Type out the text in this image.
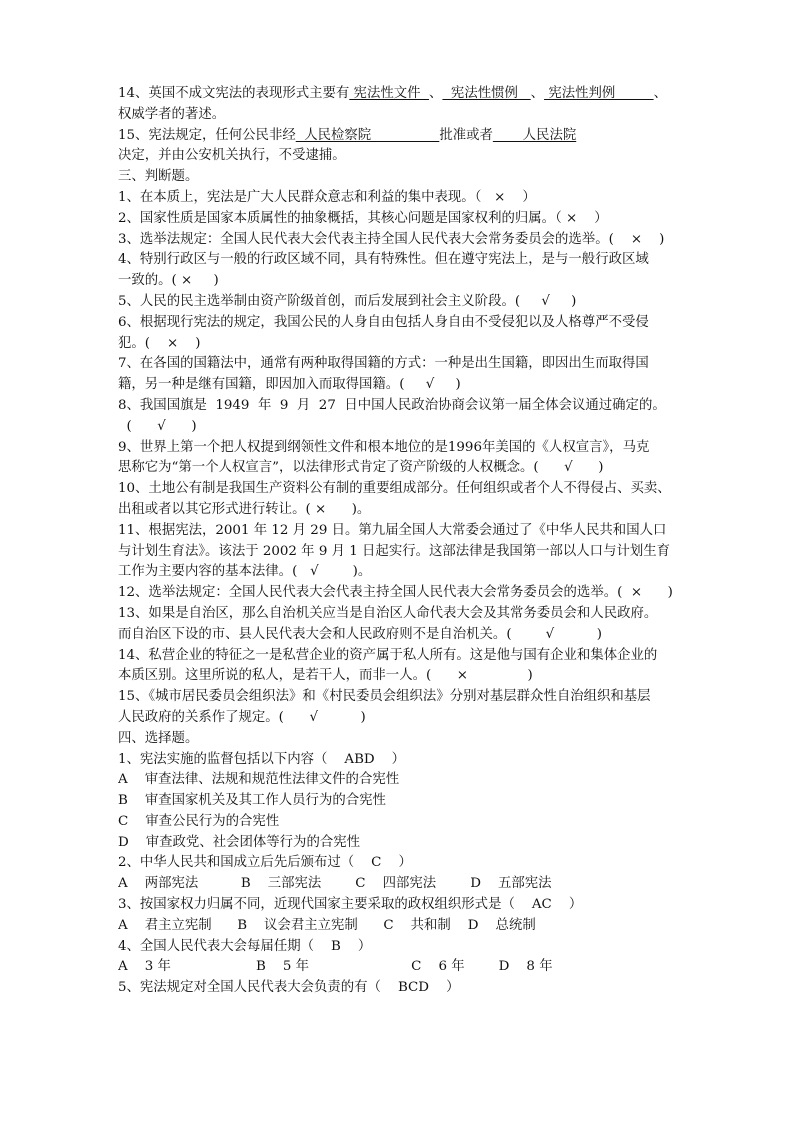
14、英国不成文宪法的表现形式主要有 宪法性文件  、  宪法性惯例   、 宪法性判例         、
权威学者的著述。
15、宪法规定，任何公民非经  人民检察院                批准或者       人民法院
决定，并由公安机关执行，不受逮捕。
三、判断题。
1、在本质上，宪法是广大人民群众意志和利益的集中表现。（   ×    ）
2、国家性质是国家本质属性的抽象概括，其核心问题是国家权利的归属。（ ×    ）
3、选举法规定：全国人民代表大会代表主持全国人民代表大会常务委员会的选举。(    ×    )
4、特别行政区与一般的行政区域不同，具有特殊性。但在遵守宪法上，是与一般行政区域
一致的。( ×     )
5、人民的民主选举制由资产阶级首创，而后发展到社会主义阶段。(     √     )
6、根据现行宪法的规定，我国公民的人身自由包括人身自由不受侵犯以及人格尊严不受侵
犯。(    ×    )
7、在各国的国籍法中，通常有两种取得国籍的方式：一种是出生国籍，即因出生而取得国
籍，另一种是继有国籍，即因加入而取得国籍。(     √     )
8、我国国旗是  1949  年  9  月  27  日中国人民政治协商会议第一届全体会议通过确定的。
(      √      )
9、世界上第一个把人权提到纲领性文件和根本地位的是1996年美国的《人权宣言》，马克
思称它为“第一个人权宣言”，以法律形式肯定了资产阶级的人权概念。(      √      )
10、土地公有制是我国生产资料公有制的重要组成部分。任何组织或者个人不得侵占、买卖、
出租或者以其它形式进行转让。( ×      )。
11、根据宪法，2001 年 12 月 29 日。第九届全国人大常委会通过了《中华人民共和国人口
与计划生育法》。该法于 2002 年 9 月 1 日起实行。这部法律是我国第一部以人口与计划生育
工作为主要内容的基本法律。(   √        )。
12、选举法规定：全国人民代表大会代表主持全国人民代表大会常务委员会的选举。(  ×      )
13、如果是自治区，那么自治机关应当是自治区人命代表大会及其常务委员会和人民政府。
而自治区下设的市、县人民代表大会和人民政府则不是自治机关。(        √          )
14、私营企业的特征之一是私营企业的资产属于私人所有。这是他与国有企业和集体企业的
本质区别。这里所说的私人，是若干人，而非一人。(      ×              )
15、《城市居民委员会组织法》和《村民委员会组织法》分别对基层群众性自治组织和基层
人民政府的关系作了规定。(      √          )
四、选择题。
1、宪法实施的监督包括以下内容（    ABD    ）
A    审查法律、法规和规范性法律文件的合宪性
B    审查国家机关及其工作人员行为的合宪性
C    审查公民行为的合宪性
D    审查政党、社会团体等行为的合宪性
2、中华人民共和国成立后先后颁布过（    C    ）
A    两部宪法          B    三部宪法        C    四部宪法        D    五部宪法
3、按国家权力归属不同，近现代国家主要采取的政权组织形式是（    AC    ）
A    君主立宪制      B    议会君主立宪制      C    共和制    D    总统制
4、全国人民代表大会每届任期（    B    ）
A    3 年                    B    5 年                        C    6 年        D    8 年
5、宪法规定对全国人民代表大会负责的有（    BCD    ）
